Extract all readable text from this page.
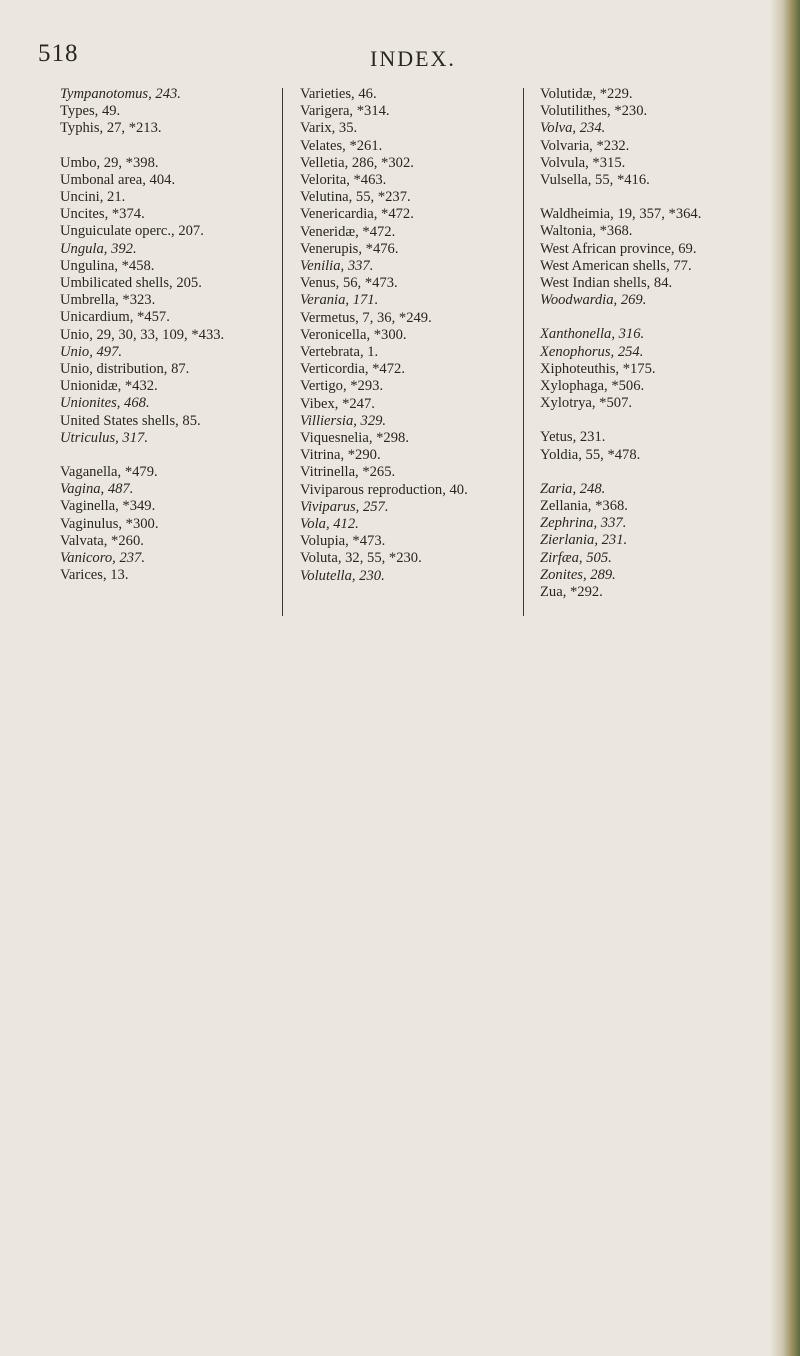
518	INDEX.
Tympanotomus, 243.
Types, 49.
Typhis, 27, *213.
Umbo, 29, *398.
Umbonal area, 404.
Uncini, 21.
Uncites, *374.
Unguiculate operc., 207.
Ungula, 392.
Ungulina, *458.
Umbilicated shells, 205.
Umbrella, *323.
Unicardium, *457.
Unio, 29, 30, 33, 109, *433.
Unio, 497.
Unio, distribution, 87.
Unionidæ, *432.
Unionites, 468.
United States shells, 85.
Utriculus, 317.
Vaganella, *479.
Vagina, 487.
Vaginella, *349.
Vaginulus, *300.
Valvata, *260.
Vanicoro, 237.
Varices, 13.
Varieties, 46.
Varigera, *314.
Varix, 35.
Velates, *261.
Velletia, 286, *302.
Velorita, *463.
Velutina, 55, *237.
Venericardia, *472.
Veneridæ, *472.
Venerupis, *476.
Venilia, 337.
Venus, 56, *473.
Verania, 171.
Vermetus, 7, 36, *249.
Veronicella, *300.
Vertebrata, 1.
Verticordia, *472.
Vertigo, *293.
Vibex, *247.
Villiersia, 329.
Viquesnelia, *298.
Vitrina, *290.
Vitrinella, *265.
Viviparous reproduction, 40.
Viviparus, 257.
Vola, 412.
Volupia, *473.
Voluta, 32, 55, *230.
Volutella, 230.
Volutidæ, *229.
Volutilithes, *230.
Volva, 234.
Volvaria, *232.
Volvula, *315.
Vulsella, 55, *416.
Waldheimia, 19, 357, *364.
Waltonia, *368.
West African province, 69.
West American shells, 77.
West Indian shells, 84.
Woodwardia, 269.
Xanthonella, 316.
Xenophorus, 254.
Xiphoteuthis, *175.
Xylophaga, *506.
Xylotrya, *507.
Yetus, 231.
Yoldia, 55, *478.
Zaria, 248.
Zellania, *368.
Zephrina, 337.
Zierlania, 231.
Zirfæa, 505.
Zonites, 289.
Zua, *292.
